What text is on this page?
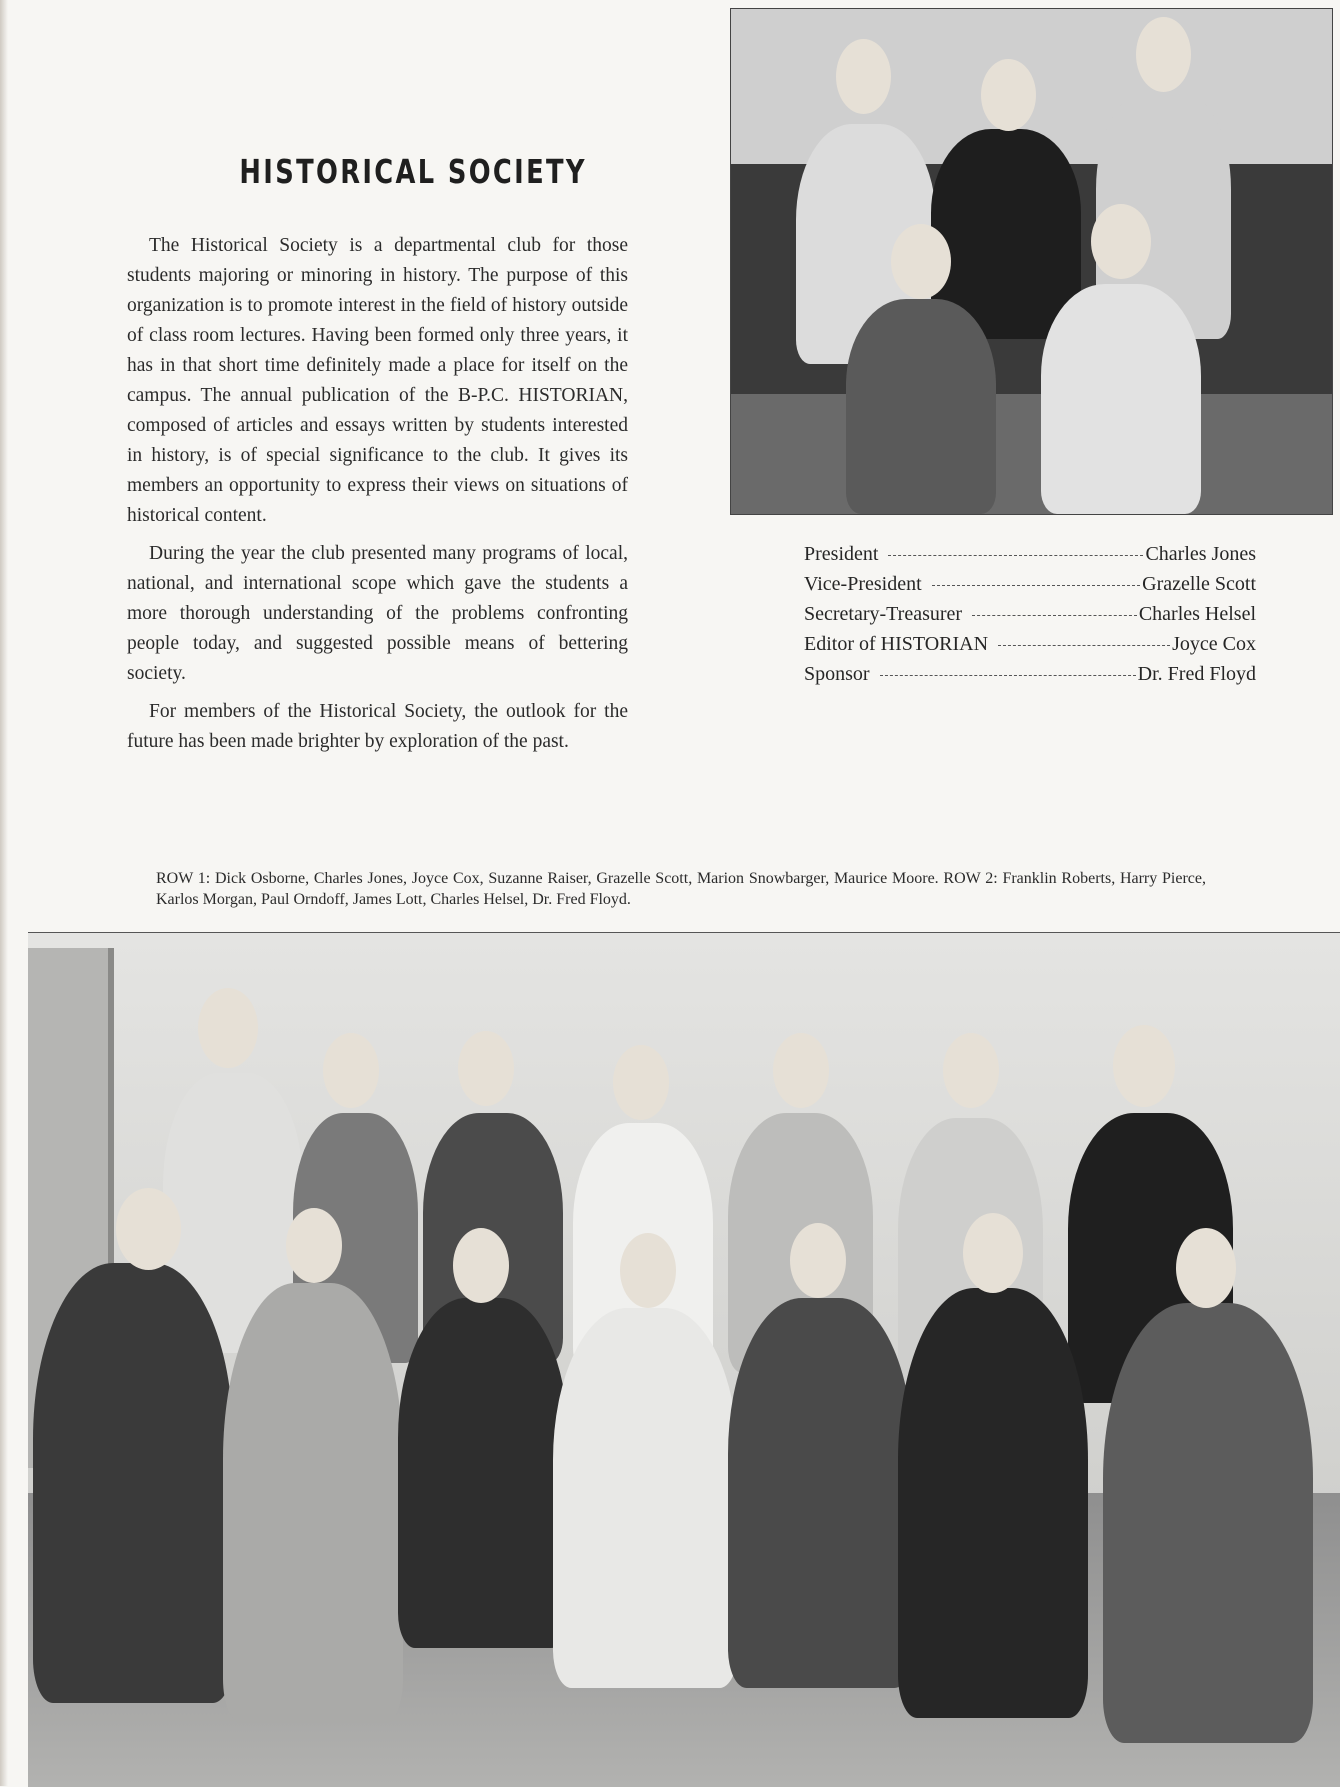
HISTORICAL SOCIETY

The Historical Society is a departmental club for those students majoring or minoring in history. The purpose of this organization is to promote interest in the field of history outside of class room lectures. Having been formed only three years, it has in that short time definitely made a place for itself on the campus. The annual publication of the B-P.C. HISTORIAN, composed of articles and essays written by students interested in history, is of special significance to the club. It gives its members an opportunity to express their views on situations of historical content.

During the year the club presented many programs of local, national, and international scope which gave the students a more thorough understanding of the problems confronting people today, and suggested possible means of bettering society.

For members of the Historical Society, the outlook for the future has been made brighter by exploration of the past.

President	Charles Jones
Vice-President	Grazelle Scott
Secretary-Treasurer	Charles Helsel
Editor of HISTORIAN	Joyce Cox
Sponsor	Dr. Fred Floyd
ROW 1: Dick Osborne, Charles Jones, Joyce Cox, Suzanne Raiser, Grazelle Scott, Marion Snowbarger, Maurice Moore. ROW 2: Franklin Roberts, Harry Pierce, Karlos Morgan, Paul Orndoff, James Lott, Charles Helsel, Dr. Fred Floyd.
